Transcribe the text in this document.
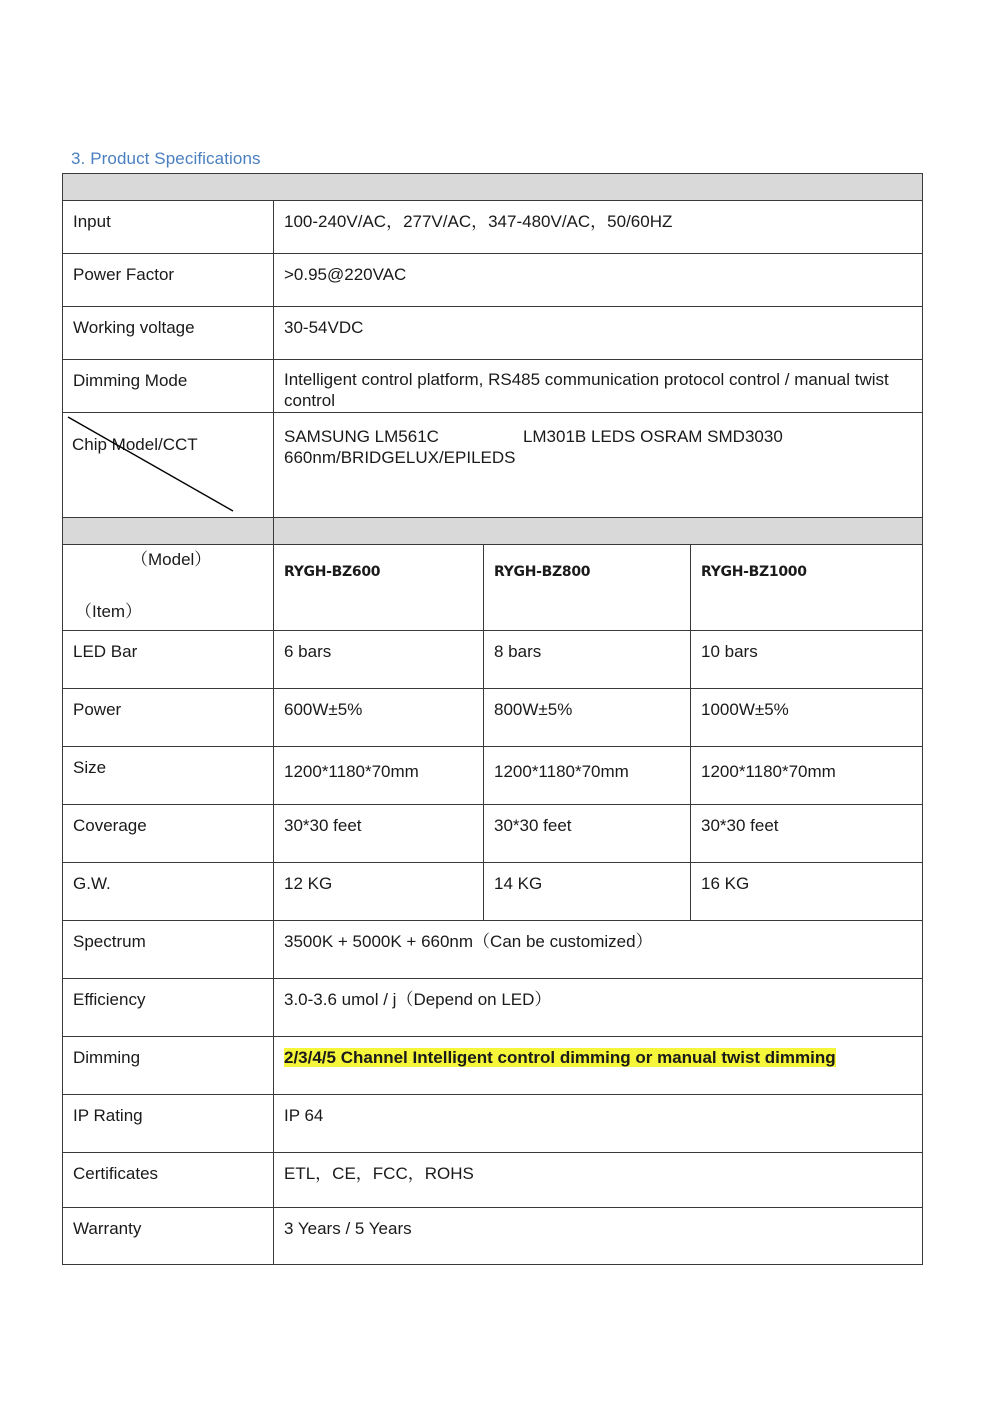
3. Product Specifications

Input	100-240V/AC，277V/AC，347-480V/AC，50/60HZ
Power Factor	>0.95@220VAC
Working voltage	30-54VDC
Dimming Mode	Intelligent control platform, RS485 communication protocol control / manual twist control

Chip Model/CCT	SAMSUNG LM561C	LM301B LEDS OSRAM SMD3030
660nm/BRIDGELUX/EPILEDS

（Model）
（Item）
	RYGH-BZ600	RYGH-BZ800	RYGH-BZ1000
LED Bar	6 bars	8 bars	10 bars
Power	600W±5%	800W±5%	1000W±5%
Size	1200*1180*70mm	1200*1180*70mm	1200*1180*70mm
Coverage	30*30 feet	30*30 feet	30*30 feet
G.W.	12 KG	14 KG	16 KG
Spectrum	3500K + 5000K + 660nm（Can be customized）
Efficiency	3.0-3.6 umol / j（Depend on LED）
Dimming	2/3/4/5 Channel Intelligent control dimming or manual twist dimming
IP Rating	IP 64
Certificates	ETL，CE，FCC，ROHS
Warranty	3 Years / 5 Years
